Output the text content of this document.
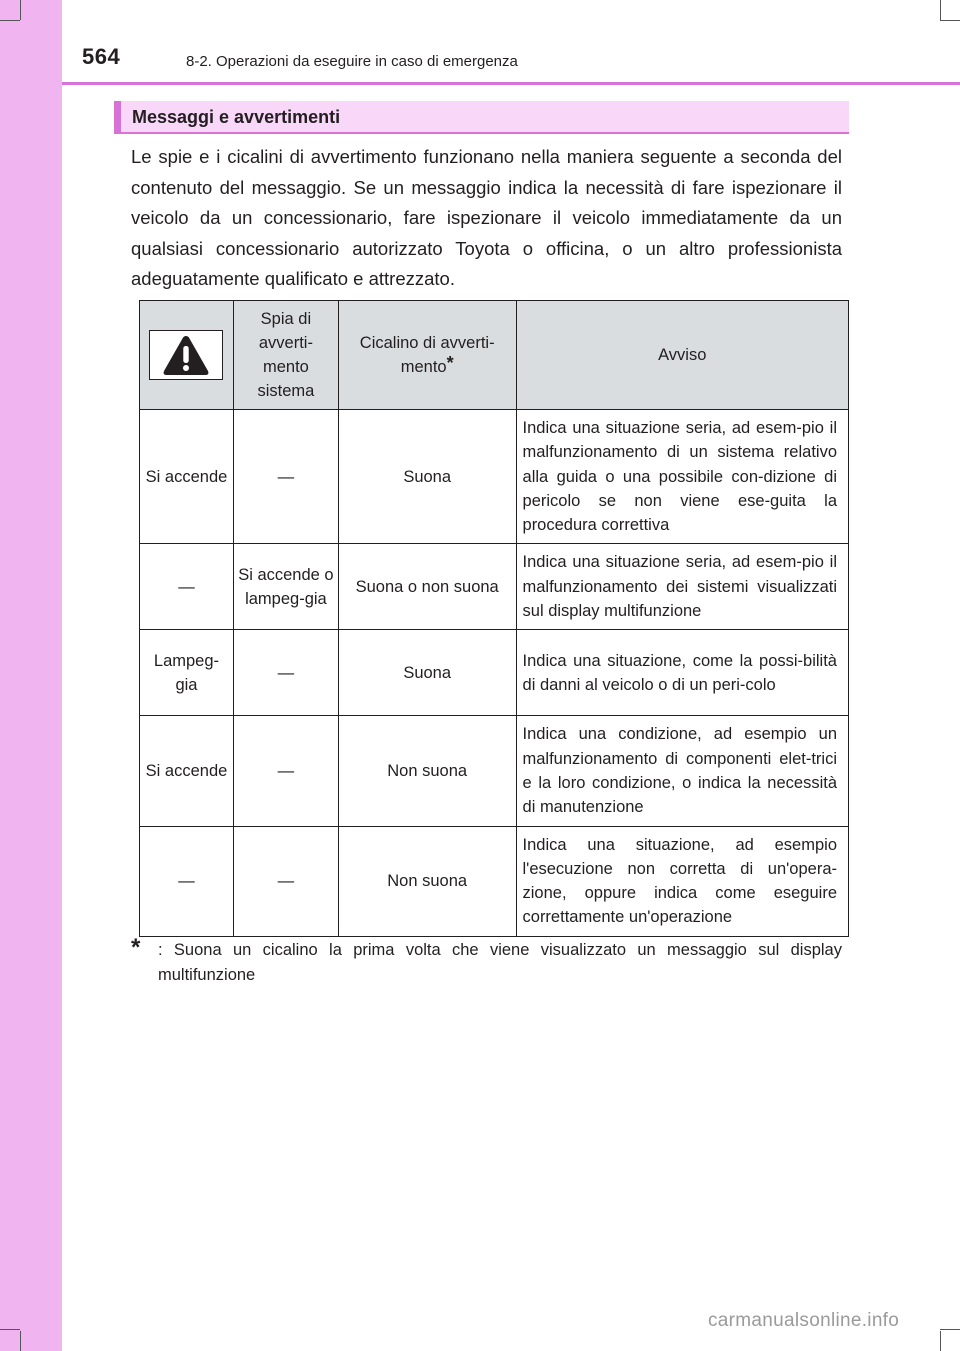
564	8-2. Operazioni da eseguire in caso di emergenza
Messaggi e avvertimenti

Le spie e i cicalini di avvertimento funzionano nella maniera seguente a seconda del contenuto del messaggio. Se un messaggio indica la necessità di fare ispezionare il veicolo da un concessionario, fare ispezionare il veicolo immediatamente da un qualsiasi concessionario autorizzato Toyota o officina, o un altro professionista adeguatamente qualificato e attrezzato.

	Spia di avverti-mento sistema	Cicalino di avverti-mento*	Avviso
Si accende	—	Suona	Indica una situazione seria, ad esem-pio il malfunzionamento di un sistema relativo alla guida o una possibile con-dizione di pericolo se non viene ese-guita la procedura correttiva
—	Si accende o lampeg-gia	Suona o non suona	Indica una situazione seria, ad esem-pio il malfunzionamento dei sistemi visualizzati sul display multifunzione
Lampeg-gia	—	Suona	Indica una situazione, come la possi-bilità di danni al veicolo o di un peri-colo
Si accende	—	Non suona	Indica una condizione, ad esempio un malfunzionamento di componenti elet-trici e la loro condizione, o indica la necessità di manutenzione
—	—	Non suona	Indica una situazione, ad esempio l'esecuzione non corretta di un'opera-zione, oppure indica come eseguire correttamente un'operazione
*	: Suona un cicalino la prima volta che viene visualizzato un messaggio sul display multifunzione
carmanualsonline.info
